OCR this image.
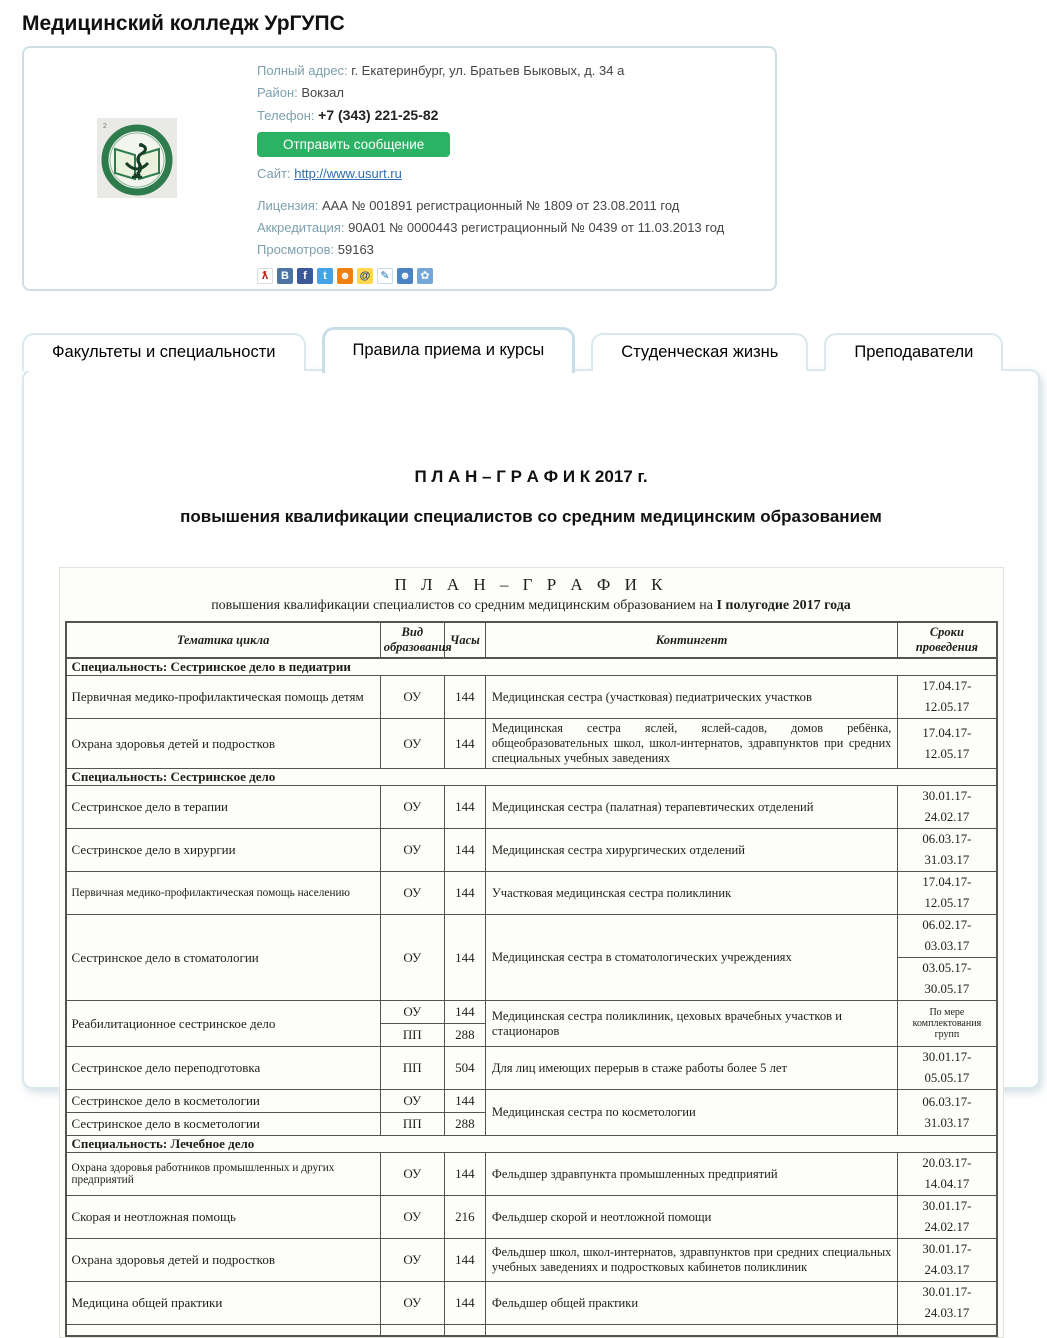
Медицинский колледж УрГУПС
2
Полный адрес: г. Екатеринбург, ул. Братьев Быковых, д. 34 а
Район: Вокзал
Телефон: +7 (343) 221-25-82
Отправить сообщение
Сайт: http://www.usurt.ru
Лицензия: ААА № 001891 регистрационный № 1809 от 23.08.2011 год
Аккредитация: 90А01 № 0000443 регистрационный № 0439 от 11.03.2013 год
Просмотров: 59163
ƛ	В	f	t	☻ @ ✎ ☻ ✿
Факультеты и специальности	Правила приема и курсы	Студенческая жизнь	Преподаватели
П Л А Н – Г Р А Ф И К 2017 г.
повышения квалификации специалистов со средним медицинским образованием
П Л А Н – Г Р А Ф И К
повышения квалификации специалистов со средним медицинским образованием на I полугодие 2017 года
Тематика цикла	Вид образования	Часы	Контингент	Сроки проведения
Специальность: Сестринское дело в педиатрии				
Первичная медико-профилактическая помощь детям	ОУ	144	Медицинская сестра (участковая) педиатрических участков	17.04.17-12.05.17

Охрана здоровья детей и подростков	ОУ	144	Медицинская сестра яслей, яслей-садов, домов ребёнка, общеобразовательных школ, школ-интернатов, здравпунктов при средних специальных учебных заведениях	17.04.17-12.05.17

Специальность: Сестринское дело				
Сестринское дело в терапии	ОУ	144	Медицинская сестра (палатная) терапевтических отделений	30.01.17-24.02.17

Сестринское дело в хирургии	ОУ	144	Медицинская сестра хирургических отделений	06.03.17-31.03.17

Первичная медико-профилактическая помощь населению	ОУ	144	Участковая медицинская сестра поликлиник	17.04.17-12.05.17

Сестринское дело в стоматологии	ОУ	144	Медицинская сестра в стоматологических учреждениях	06.02.17-03.03.17
03.05.17-30.05.17

Реабилитационное сестринское дело	ОУ	144	Медицинская сестра поликлиник, цеховых врачебных участков и стационаров	По мере комплектования групп

	ПП	288		
Сестринское дело переподготовка	ПП	504	Для лиц имеющих перерыв в стаже работы более 5 лет	30.01.17-05.05.17

Сестринское дело в косметологии	ОУ	144	Медицинская сестра по косметологии	06.03.17-31.03.17

Сестринское дело в косметологии	ПП	288		
Специальность: Лечебное дело				
Охрана здоровья работников промышленных и других предприятий	ОУ	144	Фельдшер здравпункта промышленных предприятий	20.03.17-14.04.17

Скорая и неотложная помощь	ОУ	216	Фельдшер скорой и неотложной помощи	30.01.17-24.02.17

Охрана здоровья детей и подростков	ОУ	144	Фельдшер школ, школ-интернатов, здравпунктов при средних специальных учебных заведениях и подростковых кабинетов поликлиник	30.01.17-24.03.17

Медицина общей практики	ОУ	144	Фельдшер общей практики	30.01.17-24.03.17
